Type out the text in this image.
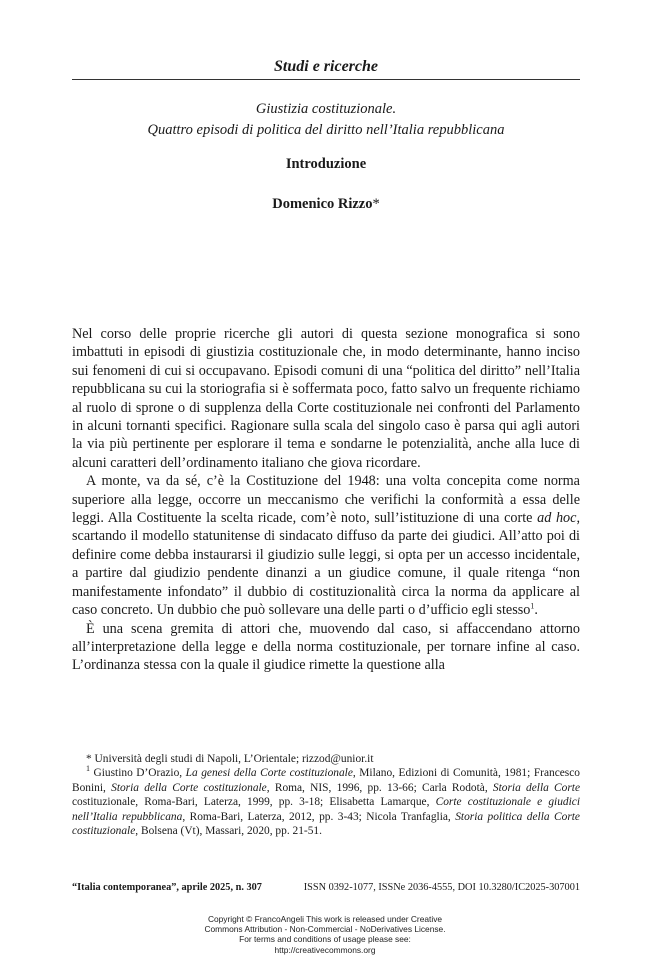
Studi e ricerche
Giustizia costituzionale.
Quattro episodi di politica del diritto nell’Italia repubblicana
Introduzione
Domenico Rizzo*

Nel corso delle proprie ricerche gli autori di questa sezione monografica si sono imbattuti in episodi di giustizia costituzionale che, in modo determinante, hanno inciso sui fenomeni di cui si occupavano. Episodi comuni di una “politica del diritto” nell’Italia repubblicana su cui la storiografia si è soffermata poco, fatto salvo un frequente richiamo al ruolo di sprone o di supplenza della Corte costituzionale nei confronti del Parlamento in alcuni tornanti specifici. Ragionare sulla scala del singolo caso è parsa qui agli autori la via più pertinente per esplorare il tema e sondarne le potenzialità, anche alla luce di alcuni caratteri dell’ordinamento italiano che giova ricordare.

A monte, va da sé, c’è la Costituzione del 1948: una volta concepita come norma superiore alla legge, occorre un meccanismo che verifichi la conformità a essa delle leggi. Alla Costituente la scelta ricade, com’è noto, sull’istituzione di una corte ad hoc, scartando il modello statunitense di sindacato diffuso da parte dei giudici. All’atto poi di definire come debba instaurarsi il giudizio sulle leggi, si opta per un accesso incidentale, a partire dal giudizio pendente dinanzi a un giudice comune, il quale ritenga “non manifestamente infondato” il dubbio di costituzionalità circa la norma da applicare al caso concreto. Un dubbio che può sollevare una delle parti o d’ufficio egli stesso$^1$.

È una scena gremita di attori che, muovendo dal caso, si affaccendano attorno all’interpretazione della legge e della norma costituzionale, per tornare infine al caso. L’ordinanza stessa con la quale il giudice rimette la questione alla

* Università degli studi di Napoli, L’Orientale; rizzod@unior.it

$^1$ Giustino D’Orazio, La genesi della Corte costituzionale, Milano, Edizioni di Comunità, 1981; Francesco Bonini, Storia della Corte costituzionale, Roma, NIS, 1996, pp. 13-66; Carla Rodotà, Storia della Corte costituzionale, Roma-Bari, Laterza, 1999, pp. 3-18; Elisabetta Lamarque, Corte costituzionale e giudici nell’Italia repubblicana, Roma-Bari, Laterza, 2012, pp. 3-43; Nicola Tranfaglia, Storia politica della Corte costituzionale, Bolsena (Vt), Massari, 2020, pp. 21-51.

“Italia contemporanea”, aprile 2025, n. 307	ISSN 0392-1077, ISSNe 2036-4555, DOI 10.3280/IC2025-307001
Copyright © FrancoAngeli This work is released under Creative
Commons Attribution - Non-Commercial - NoDerivatives License.
For terms and conditions of usage please see:
http://creativecommons.org
